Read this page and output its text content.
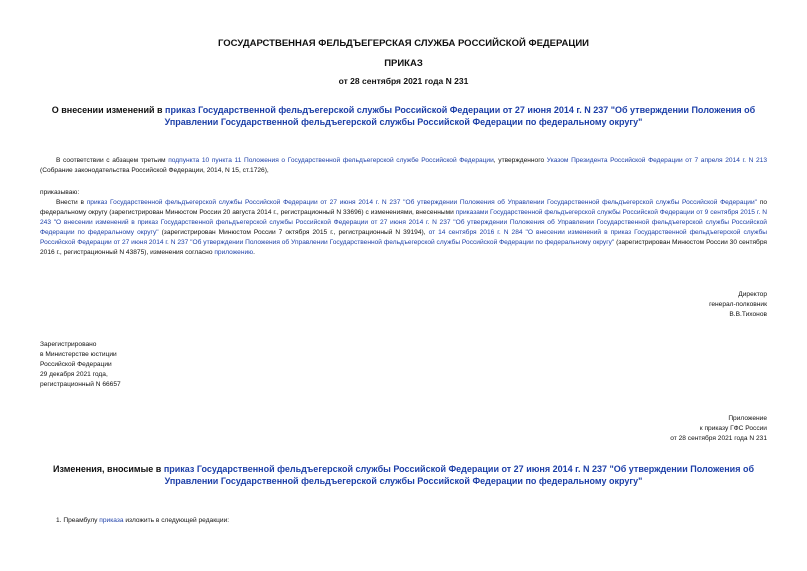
ГОСУДАРСТВЕННАЯ ФЕЛЬДЪЕГЕРСКАЯ СЛУЖБА РОССИЙСКОЙ ФЕДЕРАЦИИ
ПРИКАЗ
от 28 сентября 2021 года N 231
О внесении изменений в приказ Государственной фельдъегерской службы Российской Федерации от 27 июня 2014 г. N 237 "Об утверждении Положения об Управлении Государственной фельдъегерской службы Российской Федерации по федеральному округу"
В соответствии с абзацем третьим подпункта 10 пункта 11 Положения о Государственной фельдъегерской службе Российской Федерации, утвержденного Указом Президента Российской Федерации от 7 апреля 2014 г. N 213 (Собрание законодательства Российской Федерации, 2014, N 15, ст.1726),
приказываю:
Внести в приказ Государственной фельдъегерской службы Российской Федерации от 27 июня 2014 г. N 237 "Об утверждении Положения об Управлении Государственной фельдъегерской службы Российской Федерации" по федеральному округу (зарегистрирован Минюстом России 20 августа 2014 г., регистрационный N 33696) с изменениями, внесенными приказами Государственной фельдъегерской службы Российской Федерации от 9 сентября 2015 г. N 243 "О внесении изменений в приказ Государственной фельдъегерской службы Российской Федерации от 27 июня 2014 г. N 237 "Об утверждении Положения об Управлении Государственной фельдъегерской службы Российской Федерации по федеральному округу" (зарегистрирован Минюстом России 7 октября 2015 г., регистрационный N 39194), от 14 сентября 2016 г. N 284 "О внесении изменений в приказ Государственной фельдъегерской службы Российской Федерации от 27 июня 2014 г. N 237 "Об утверждении Положения об Управлении Государственной фельдъегерской службы Российской Федерации по федеральному округу" (зарегистрирован Минюстом России 30 сентября 2016 г., регистрационный N 43875), изменения согласно приложению.
Директор
генерал-полковник
В.В.Тихонов
Зарегистрировано
в Министерстве юстиции
Российской Федерации
29 декабря 2021 года,
регистрационный N 66657
Приложение
к приказу ГФС России
от 28 сентября 2021 года N 231
Изменения, вносимые в приказ Государственной фельдъегерской службы Российской Федерации от 27 июня 2014 г. N 237 "Об утверждении Положения об Управлении Государственной фельдъегерской службы Российской Федерации по федеральному округу"
1. Преамбулу приказа изложить в следующей редакции:
